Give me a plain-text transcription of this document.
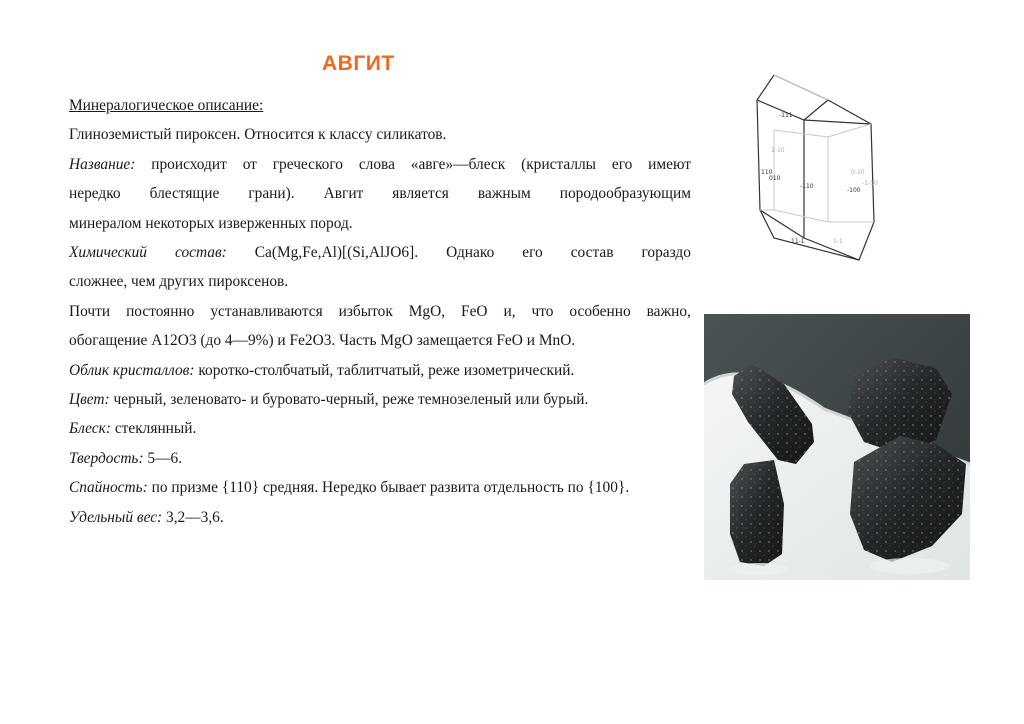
АВГИТ
Минералогическое описание:
Глиноземистый пироксен. Относится к классу силикатов.
Название: происходит от греческого слова «авге»—блеск (кристаллы его имеют
нередко блестящие грани). Авгит является важным породообразующим
минералом некоторых изверженных пород.
Химический состав: Ca(Mg,Fe,Al)[(Si,AlJO6]. Однако его состав гораздо
сложнее, чем других пироксенов.
Почти постоянно устанавливаются избыток MgO, FeO и, что особенно важно,
обогащение A12O3 (до 4—9%) и Fe2O3. Часть MgO замещается FeO и MnO.
Облик кристаллов: коротко-столбчатый, таблитчатый, реже изометрический.
Цвет: черный, зеленовато- и буровато-черный, реже темнозеленый или бурый.
Блеск: стеклянный.
Твердость: 5—6.
Спайность: по призме {110} средняя. Нередко бывает развита отдельность по {100}.
Удельный вес: 3,2—3,6.
-111
1-10
110
010
-110
-100
11-1	1-1
0-10
-1-10
